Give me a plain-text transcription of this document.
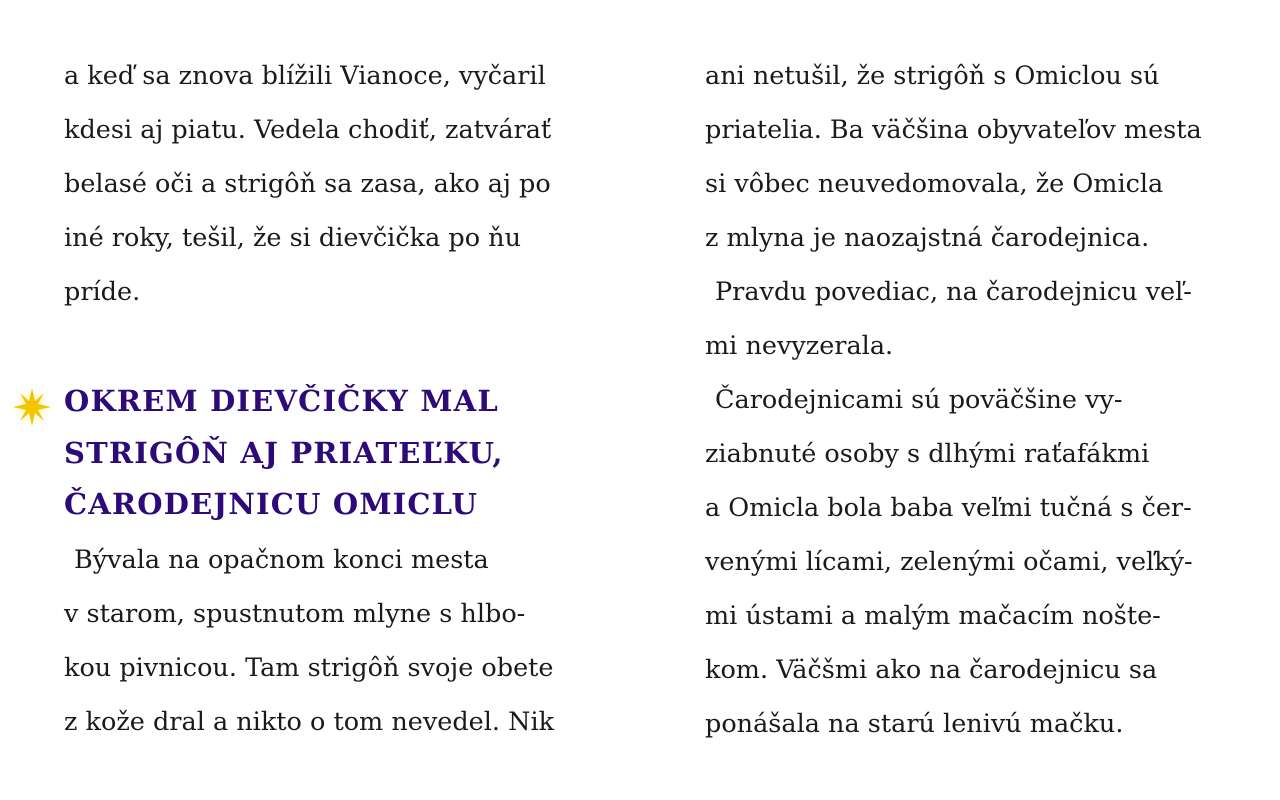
a keď sa znova blížili Vianoce, vyčaril

kdesi aj piatu. Vedela chodiť, zatvárať

belasé oči a strigôň sa zasa, ako aj po

iné roky, tešil, že si dievčička po ňu

príde.

OKREM DIEVČIČKY MAL
STRIGÔŇ AJ PRIATEĽKU,
ČARODEJNICU OMICLU

Bývala na opačnom konci mesta

v starom, spustnutom mlyne s hlbo-

kou pivnicou. Tam strigôň svoje obete

z kože dral a nikto o tom nevedel. Nik

ani netušil, že strigôň s Omiclou sú

priatelia. Ba väčšina obyvateľov mesta

si vôbec neuvedomovala, že Omicla

z mlyna je naozajstná čarodejnica.

Pravdu povediac, na čarodejnicu veľ-

mi nevyzerala.

Čarodejnicami sú poväčšine vy-

ziabnuté osoby s dlhými raťafákmi

a Omicla bola baba veľmi tučná s čer-

venými lícami, zelenými očami, veľký-

mi ústami a malým mačacím nošte-

kom. Väčšmi ako na čarodejnicu sa

ponášala na starú lenivú mačku.
